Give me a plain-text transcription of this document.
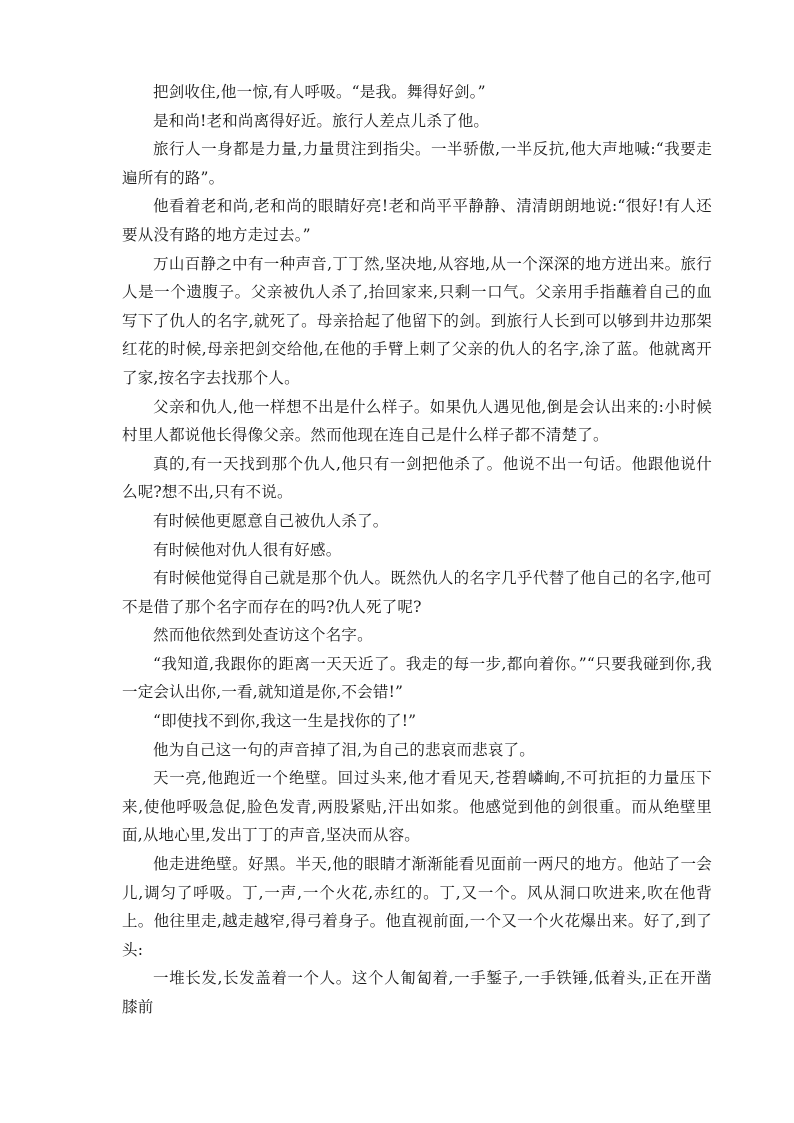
把剑收住,他一惊,有人呼吸。“是我。舞得好剑。”

是和尚!老和尚离得好近。旅行人差点儿杀了他。

旅行人一身都是力量,力量贯注到指尖。一半骄傲,一半反抗,他大声地喊:“我要走遍所有的路”。

他看着老和尚,老和尚的眼睛好亮!老和尚平平静静、清清朗朗地说:“很好!有人还要从没有路的地方走过去。”

万山百静之中有一种声音,丁丁然,坚决地,从容地,从一个深深的地方迸出来。旅行人是一个遗腹子。父亲被仇人杀了,抬回家来,只剩一口气。父亲用手指蘸着自己的血写下了仇人的名字,就死了。母亲拾起了他留下的剑。到旅行人长到可以够到井边那架红花的时候,母亲把剑交给他,在他的手臂上刺了父亲的仇人的名字,涂了蓝。他就离开了家,按名字去找那个人。

父亲和仇人,他一样想不出是什么样子。如果仇人遇见他,倒是会认出来的:小时候村里人都说他长得像父亲。然而他现在连自己是什么样子都不清楚了。

真的,有一天找到那个仇人,他只有一剑把他杀了。他说不出一句话。他跟他说什么呢?想不出,只有不说。

有时候他更愿意自己被仇人杀了。

有时候他对仇人很有好感。

有时候他觉得自己就是那个仇人。既然仇人的名字几乎代替了他自己的名字,他可不是借了那个名字而存在的吗?仇人死了呢?

然而他依然到处查访这个名字。

“我知道,我跟你的距离一天天近了。我走的每一步,都向着你。”“只要我碰到你,我一定会认出你,一看,就知道是你,不会错!”

“即使找不到你,我这一生是找你的了!”

他为自己这一句的声音掉了泪,为自己的悲哀而悲哀了。

天一亮,他跑近一个绝壁。回过头来,他才看见天,苍碧嶙峋,不可抗拒的力量压下来,使他呼吸急促,脸色发青,两股紧贴,汗出如浆。他感觉到他的剑很重。而从绝壁里面,从地心里,发出丁丁的声音,坚决而从容。

他走进绝壁。好黑。半天,他的眼睛才渐渐能看见面前一两尺的地方。他站了一会儿,调匀了呼吸。丁,一声,一个火花,赤红的。丁,又一个。风从洞口吹进来,吹在他背上。他往里走,越走越窄,得弓着身子。他直视前面,一个又一个火花爆出来。好了,到了头:

一堆长发,长发盖着一个人。这个人匍匐着,一手錾子,一手铁锤,低着头,正在开凿膝前
